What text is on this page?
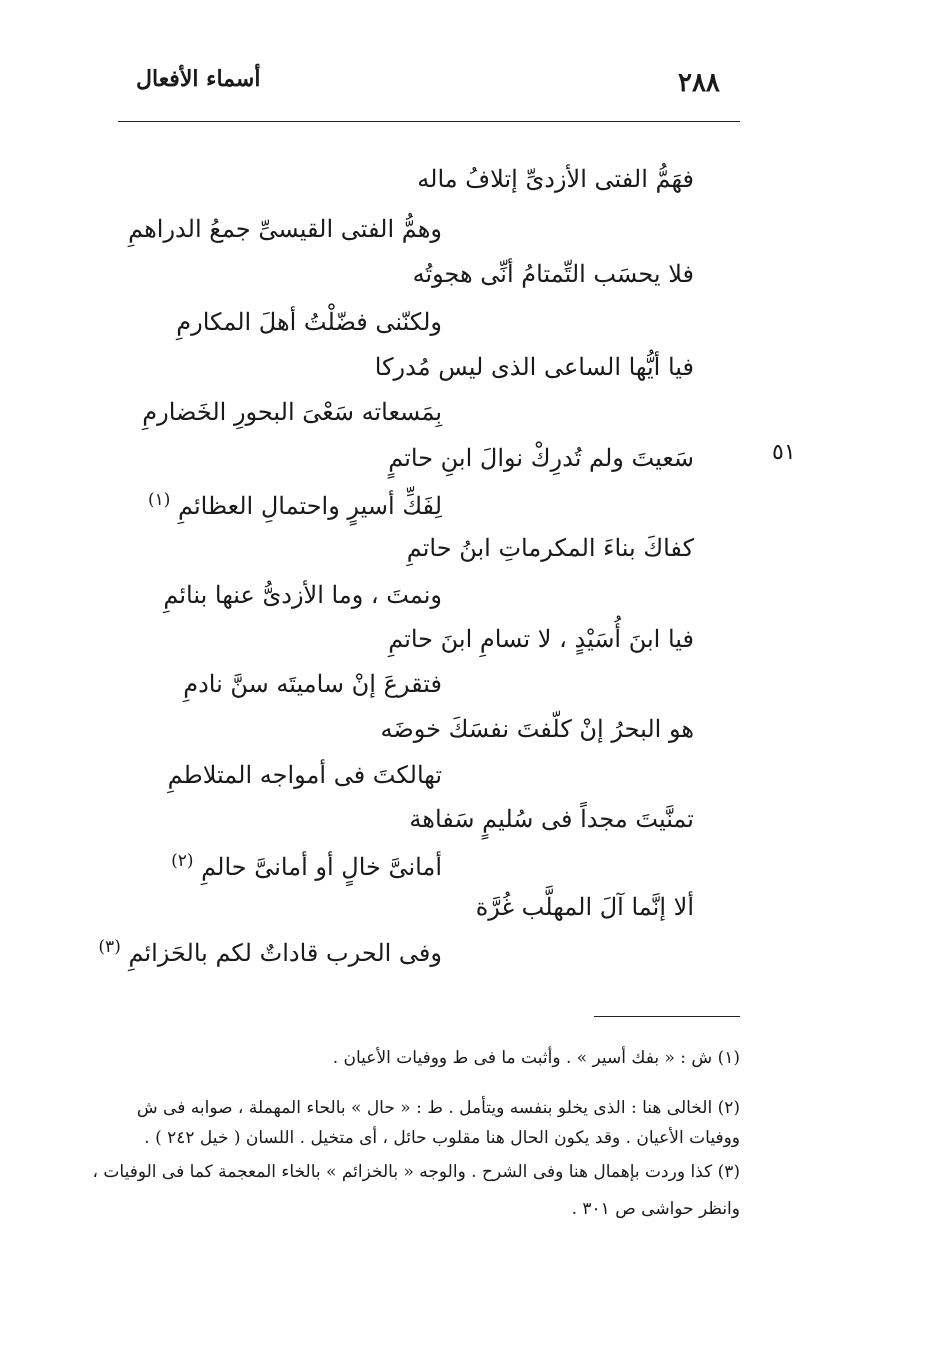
٢٨٨
أسماء الأفعال
٥١
فهَمُّ الفتى الأزدىِّ إتلافُ ماله
وهمُّ الفتى القيسىِّ جمعُ الدراهمِ
فلا يحسَب التِّمتامُ أنِّى هجوتُه
ولكنّنى فضّلْتُ أهلَ المكارمِ
فيا أيُّها الساعى الذى ليس مُدركا
بِمَسعاته سَعْىَ البحورِ الخَضارمِ
سَعيتَ ولم تُدرِكْ نوالَ ابنِ حاتمٍ
لِفَكِّ أسيرٍ واحتمالِ العظائمِ $^{(١)}$
كفاكَ بناءَ المكرماتِ ابنُ حاتمِ
ونمتَ ، وما الأزدىُّ عنها بنائمِ
فيا ابنَ أُسَيْدٍ ، لا تسامِ ابنَ حاتمِ
فتقرعَ إنْ ساميتَه سنَّ نادمِ
هو البحرُ إنْ كلّفتَ نفسَكَ خوضَه
تهالكتَ فى أمواجه المتلاطمِ
تمنَّيتَ مجداً فى سُليمٍ سَفاهة
أمانىَّ خالٍ أو أمانىَّ حالمِ $^{(٢)}$
ألا إنَّما آلَ المهلَّب غُرَّة
وفى الحرب قاداتٌ لكم بالحَزائمِ $^{(٣)}$
(١) ش : « بفك أسير » . وأثبت ما فى ط ووفيات الأعيان .
(٢) الخالى هنا : الذى يخلو بنفسه ويتأمل . ط : « حال » بالحاء المهملة ، صوابه فى ش
ووفيات الأعيان . وقد يكون الحال هنا مقلوب حائل ، أى متخيل . اللسان ( خيل ٢٤٢ ) .
(٣) كذا وردت بإهمال هنا وفى الشرح . والوجه « بالخزائم » بالخاء المعجمة كما فى الوفيات ،
وانظر حواشى ص ٣٠١ .
